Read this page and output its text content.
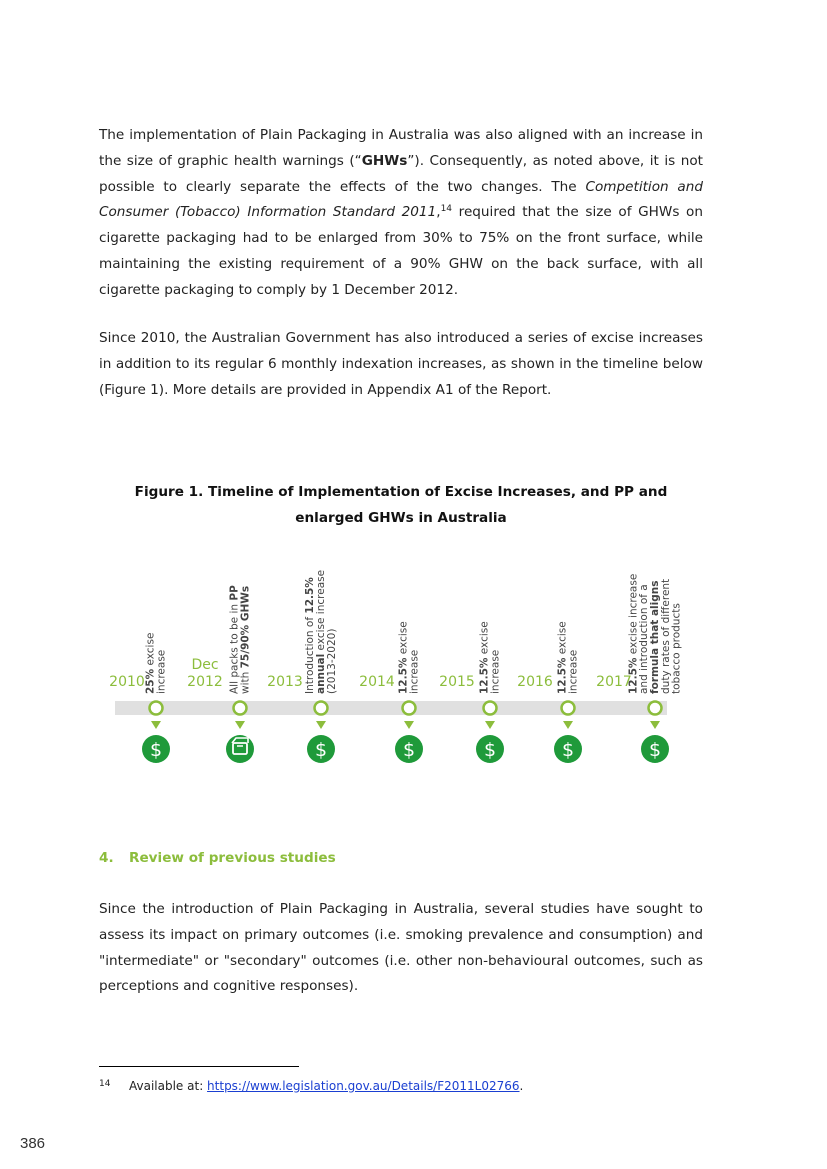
The implementation of Plain Packaging in Australia was also aligned with an increase in the size of graphic health warnings (“GHWs”). Consequently, as noted above, it is not possible to clearly separate the effects of the two changes. The Competition and Consumer (Tobacco) Information Standard 2011,14 required that the size of GHWs on cigarette packaging had to be enlarged from 30% to 75% on the front surface, while maintaining the existing requirement of a 90% GHW on the back surface, with all cigarette packaging to comply by 1 December 2012.

Since 2010, the Australian Government has also introduced a series of excise increases in addition to its regular 6 monthly indexation increases, as shown in the timeline below (Figure 1). More details are provided in Appendix A1 of the Report.

Figure 1. Timeline of Implementation of Excise Increases, and PP and enlarged GHWs in Australia
2010
Dec
2012	2013	2014	2015	2016	2017
25% excise
increase
$
All packs to be in PP
with 75/90% GHWs	Introduction of 12.5%
annual excise increase
(2013-2020)
$
12.5% excise
increase
$
12.5% excise
increase
$
12.5% excise
increase
$
12.5% excise increase
and introduction of a
formula that aligns
duty rates of different
tobacco products
$
4. Review of previous studies

Since the introduction of Plain Packaging in Australia, several studies have sought to assess its impact on primary outcomes (i.e. smoking prevalence and consumption) and "intermediate" or "secondary" outcomes (i.e. other non-behavioural outcomes, such as perceptions and cognitive responses).

14 Available at: https://www.legislation.gov.au/Details/F2011L02766.
386
